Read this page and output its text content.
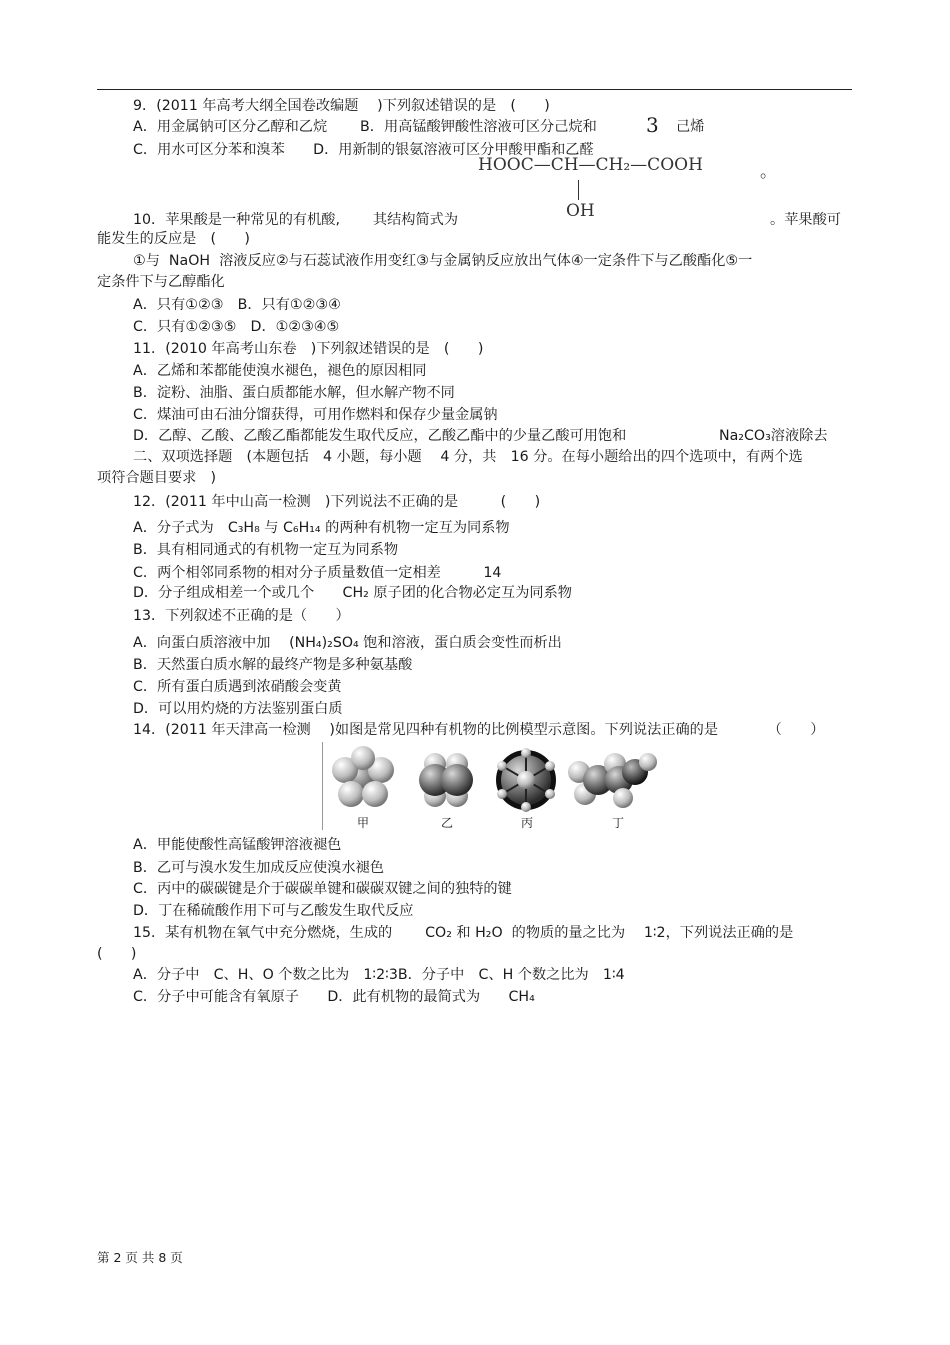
9．(2011 年高考大纲全国卷改编题　 )下列叙述错误的是　(　　)
A．用金属钠可区分乙醇和乙烷　　 B．用高锰酸钾酸性溶液可区分己烷和 3 己烯
C．用水可区分苯和溴苯　　D．用新制的银氨溶液可区分甲酸甲酯和乙醛
HOOC—CH—CH₂—COOH	。
OH
10．苹果酸是一种常见的有机酸,　　 其结构简式为	。苹果酸可
能发生的反应是　(　　)
①与  NaOH  溶液反应②与石蕊试液作用变红③与金属钠反应放出气体④一定条件下与乙酸酯化⑤一
定条件下与乙醇酯化
A．只有①②③　B．只有①②③④
C．只有①②③⑤　D．①②③④⑤
11．(2010 年高考山东卷　)下列叙述错误的是　(　　)
A．乙烯和苯都能使溴水褪色，褪色的原因相同
B．淀粉、油脂、蛋白质都能水解，但水解产物不同
C．煤油可由石油分馏获得，可用作燃料和保存少量金属钠
D．乙醇、乙酸、乙酸乙酯都能发生取代反应，乙酸乙酯中的少量乙酸可用饱和	Na₂CO₃溶液除去
二、双项选择题　(本题包括　4 小题，每小题　 4 分，共　16 分。在每小题给出的四个选项中，有两个选
项符合题目要求　)
12．(2011 年中山高一检测　)下列说法不正确的是　　　(　　)
A．分子式为　C₃H₈ 与 C₆H₁₄ 的两种有机物一定互为同系物
B．具有相同通式的有机物一定互为同系物
C．两个相邻同系物的相对分子质量数值一定相差　　　14
D．分子组成相差一个或几个　　CH₂ 原子团的化合物必定互为同系物
13．下列叙述不正确的是（　　）
A．向蛋白质溶液中加　 (NH₄)₂SO₄ 饱和溶液，蛋白质会变性而析出
B．天然蛋白质水解的最终产物是多种氨基酸
C．所有蛋白质遇到浓硝酸会变黄
D．可以用灼烧的方法鉴别蛋白质
14．(2011 年天津高一检测　 )如图是常见四种有机物的比例模型示意图。下列说法正确的是　　　　（　　）
甲	乙	丙	丁
A．甲能使酸性高锰酸钾溶液褪色
B．乙可与溴水发生加成反应使溴水褪色
C．丙中的碳碳键是介于碳碳单键和碳碳双键之间的独特的键
D．丁在稀硫酸作用下可与乙酸发生取代反应
15．某有机物在氧气中充分燃烧，生成的　　 CO₂ 和 H₂O  的物质的量之比为　 1∶2，下列说法正确的是
(　　)
A．分子中　C、H、O 个数之比为　1∶2∶3B．分子中　C、H 个数之比为　1∶4
C．分子中可能含有氧原子　　D．此有机物的最简式为　　CH₄
第 2 页 共 8 页
